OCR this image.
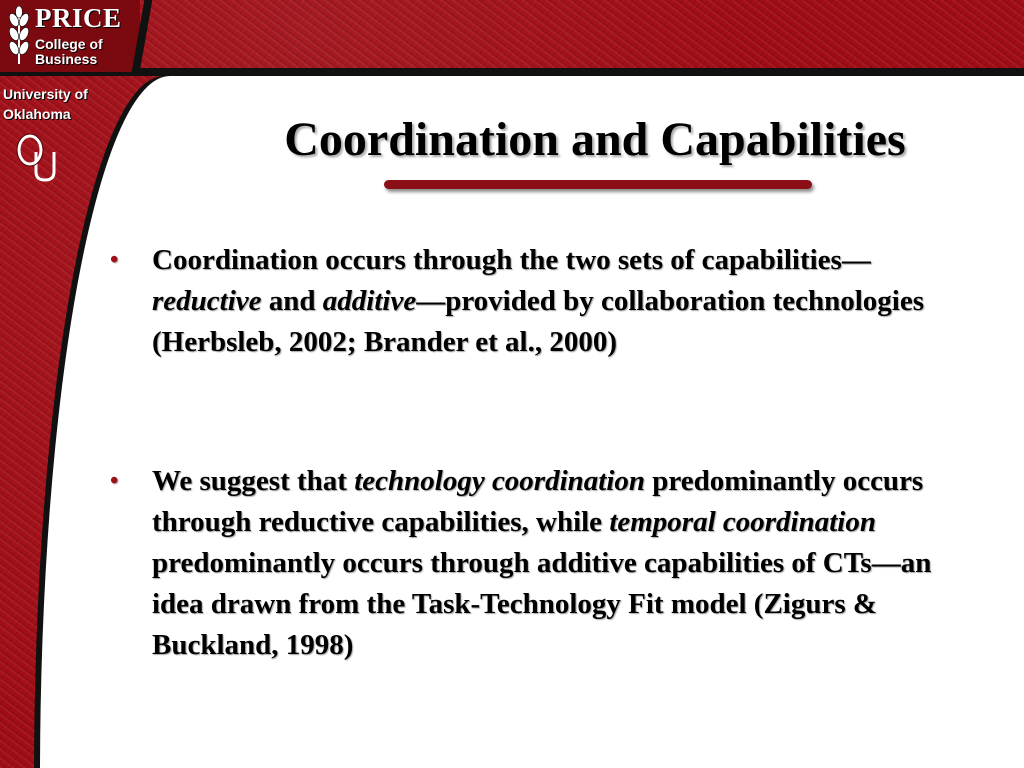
PRICE
College of
Business
University of
Oklahoma	Coordination and Capabilities
•	Coordination occurs through the two sets of capabilities—reductive and additive—provided by collaboration technologies (Herbsleb, 2002; Brander et al., 2000)
•	We suggest that technology coordination predominantly occurs through reductive capabilities, while temporal coordination predominantly occurs through additive capabilities of CTs—an idea drawn from the Task-Technology Fit model (Zigurs & Buckland, 1998)
